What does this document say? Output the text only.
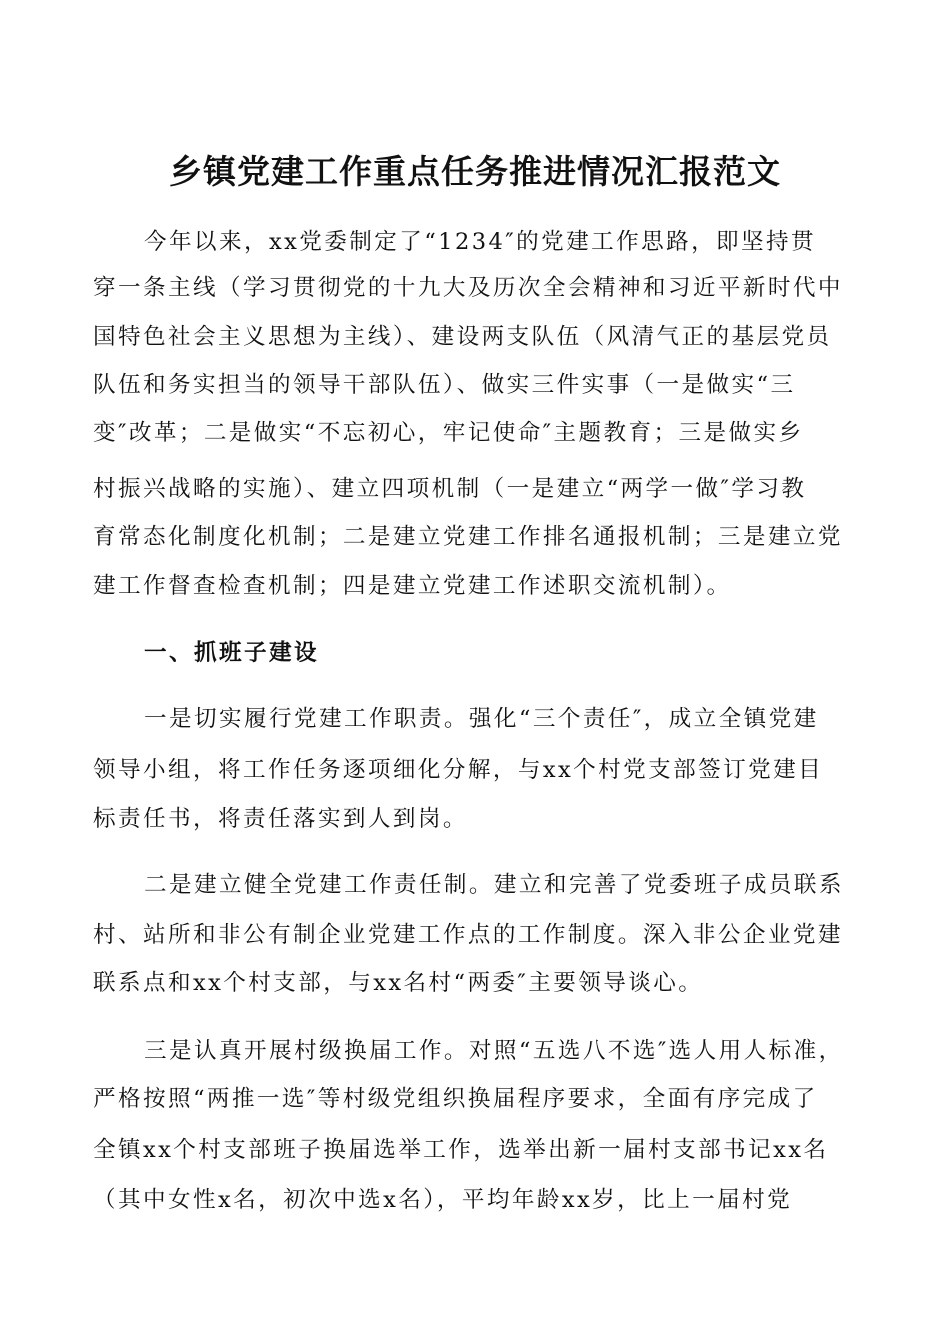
乡镇党建工作重点任务推进情况汇报范文
今年以来，xx党委制定了“1234″的党建工作思路，即坚持贯
穿一条主线（学习贯彻党的十九大及历次全会精神和习近平新时代中
国特色社会主义思想为主线）、建设两支队伍（风清气正的基层党员
队伍和务实担当的领导干部队伍）、做实三件实事（一是做实“三
变″改革；二是做实“不忘初心，牢记使命″主题教育；三是做实乡
村振兴战略的实施）、建立四项机制（一是建立“两学一做″学习教
育常态化制度化机制；二是建立党建工作排名通报机制；三是建立党
建工作督查检查机制；四是建立党建工作述职交流机制）。
一、抓班子建设
一是切实履行党建工作职责。强化“三个责任″，成立全镇党建
领导小组，将工作任务逐项细化分解，与xx个村党支部签订党建目
标责任书，将责任落实到人到岗。
二是建立健全党建工作责任制。建立和完善了党委班子成员联系
村、站所和非公有制企业党建工作点的工作制度。深入非公企业党建
联系点和xx个村支部，与xx名村“两委″主要领导谈心。
三是认真开展村级换届工作。对照“五选八不选″选人用人标准，
严格按照“两推一选″等村级党组织换届程序要求，全面有序完成了
全镇xx个村支部班子换届选举工作，选举出新一届村支部书记xx名
（其中女性x名，初次中选x名），平均年龄xx岁，比上一届村党
